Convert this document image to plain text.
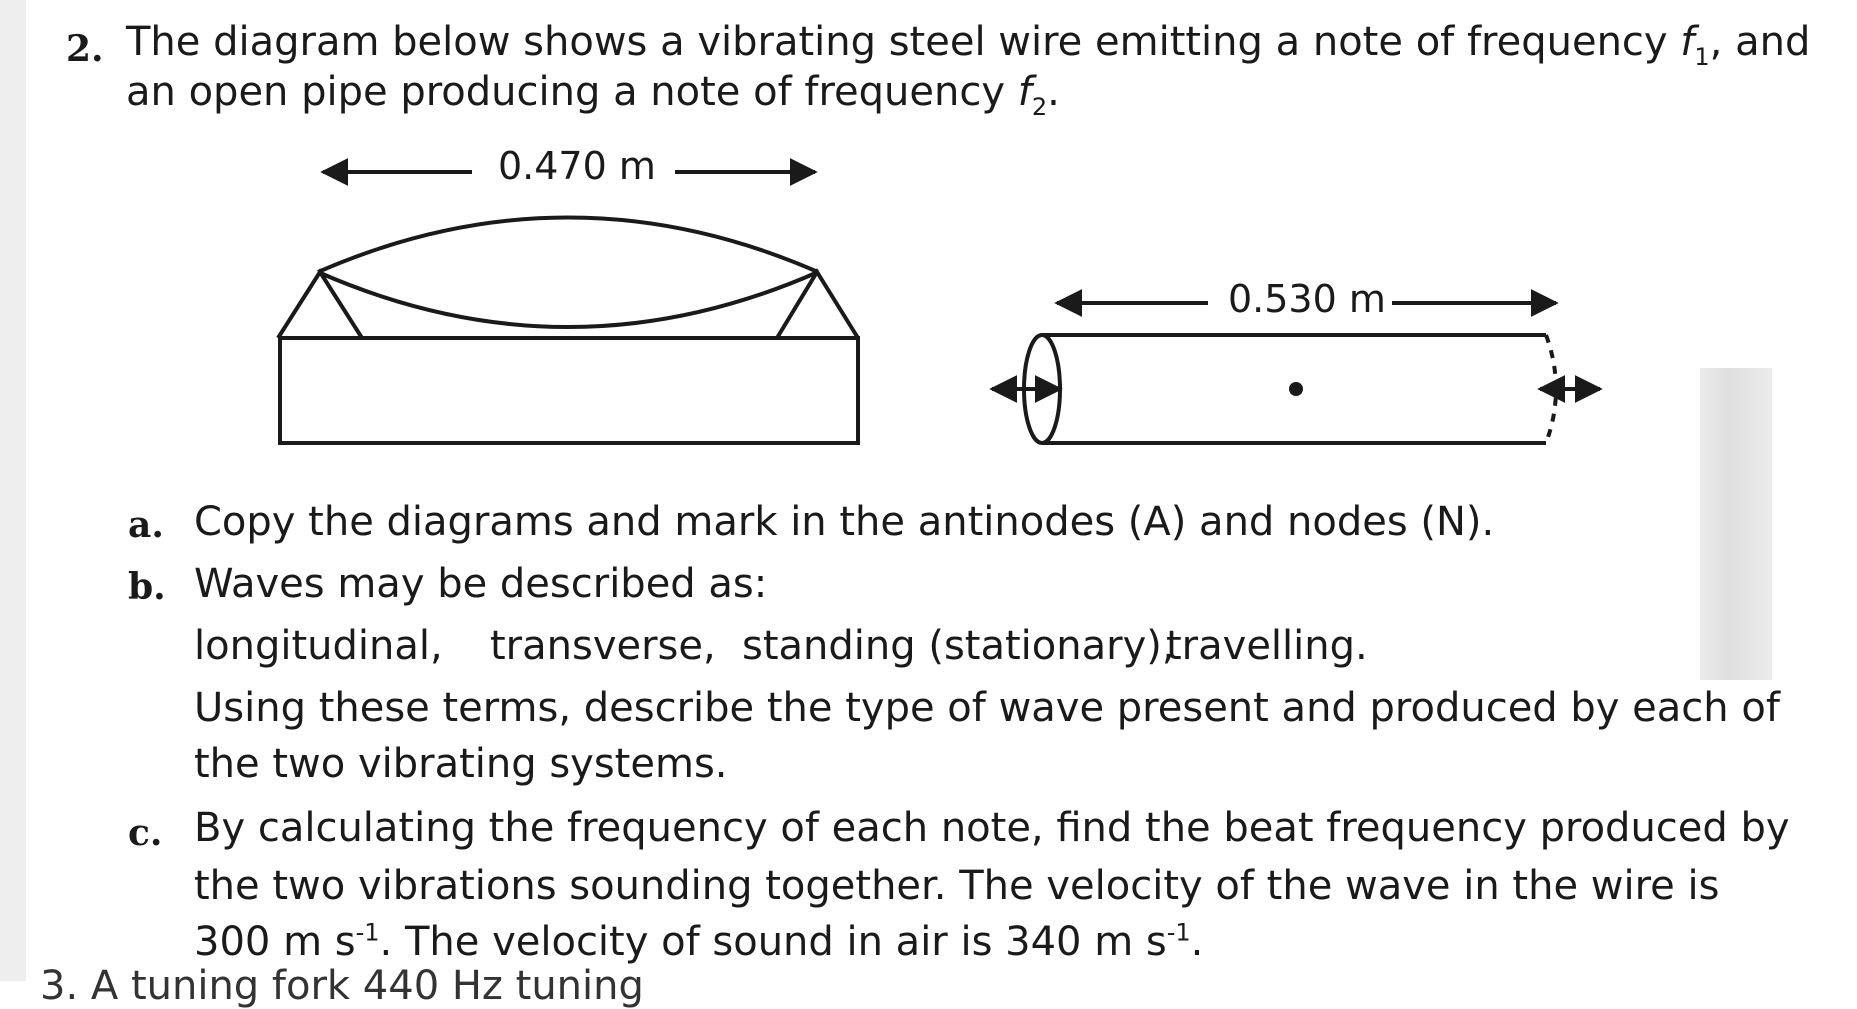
2. The diagram below shows a vibrating steel wire emitting a note of frequency $f_1$, and
an open pipe producing a note of frequency $f_2$.
0.470 m
0.530 m
a. Copy the diagrams and mark in the antinodes (A) and nodes (N).
b. Waves may be described as:
longitudinal, transverse, standing (stationary),
travelling.
Using these terms, describe the type of wave present and produced by each of
the two vibrating systems.
c. By calculating the frequency of each note, find the beat frequency produced by
the two vibrations sounding together. The velocity of the wave in the wire is
300 m $s^{-1}$. The velocity of sound in air is 340 m $s^{-1}$.
3. A tuning fork 440 Hz tuning
